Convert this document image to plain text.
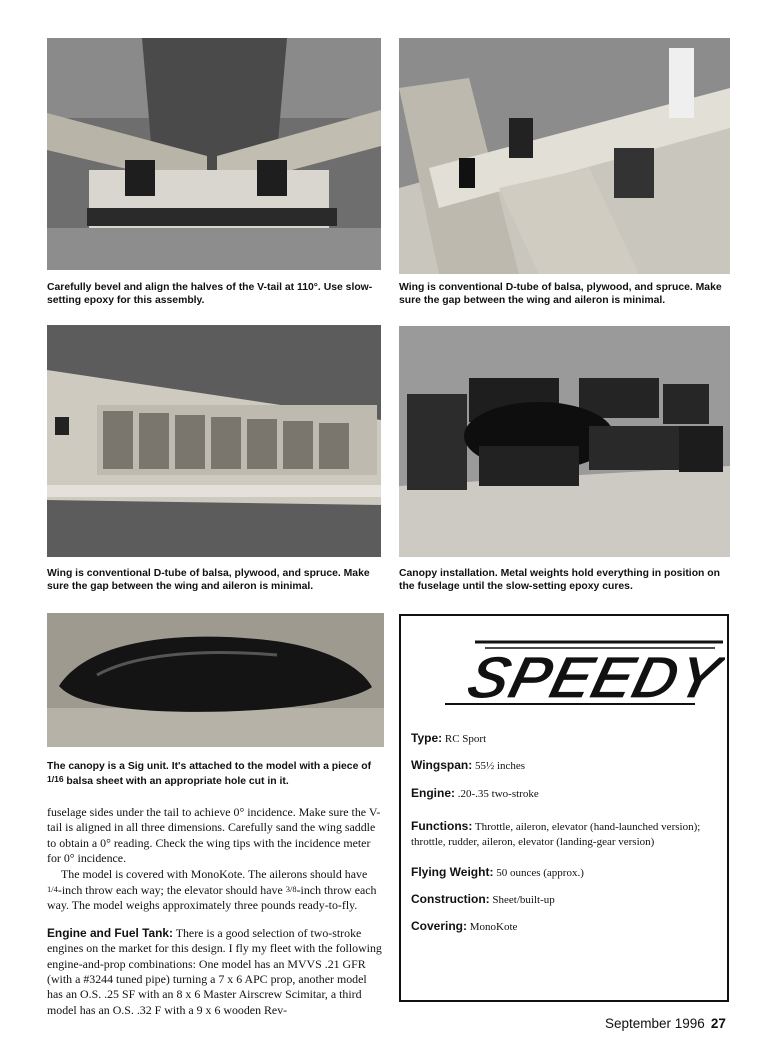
Carefully bevel and align the halves of the V-tail at 110°. Use slow-setting epoxy for this assembly.
Wing is conventional D-tube of balsa, plywood, and spruce. Make sure the gap between the wing and aileron is minimal.
Wing is conventional D-tube of balsa, plywood, and spruce. Make sure the gap between the wing and aileron is minimal.
Canopy installation. Metal weights hold everything in position on the fuselage until the slow-setting epoxy cures.
The canopy is a Sig unit. It's attached to the model with a piece of 1/16 balsa sheet with an appropriate hole cut in it.

fuselage sides under the tail to achieve 0° incidence. Make sure the V-tail is aligned in all three dimensions. Carefully sand the wing saddle to obtain a 0° reading. Check the wing tips with the incidence meter for 0° incidence.

The model is covered with MonoKote. The ailerons should have 1/4-inch throw each way; the elevator should have 3/8-inch throw each way. The model weighs approximately three pounds ready-to-fly.

Engine and Fuel Tank: There is a good selection of two-stroke engines on the market for this design. I fly my fleet with the following engine-and-prop combinations: One model has an MVVS .21 GFR (with a #3244 tuned pipe) turning a 7 x 6 APC prop, another model has an O.S. .25 SF with an 8 x 6 Master Airscrew Scimitar, a third model has an O.S. .32 F with a 9 x 6 wooden Rev-

SPEEDY
Type: RC Sport
Wingspan: 55½ inches
Engine: .20-.35 two-stroke
Functions: Throttle, aileron, elevator (hand-launched version); throttle, rudder, aileron, elevator (landing-gear version)
Flying Weight: 50 ounces (approx.)
Construction: Sheet/built-up
Covering: MonoKote
September 1996 27
